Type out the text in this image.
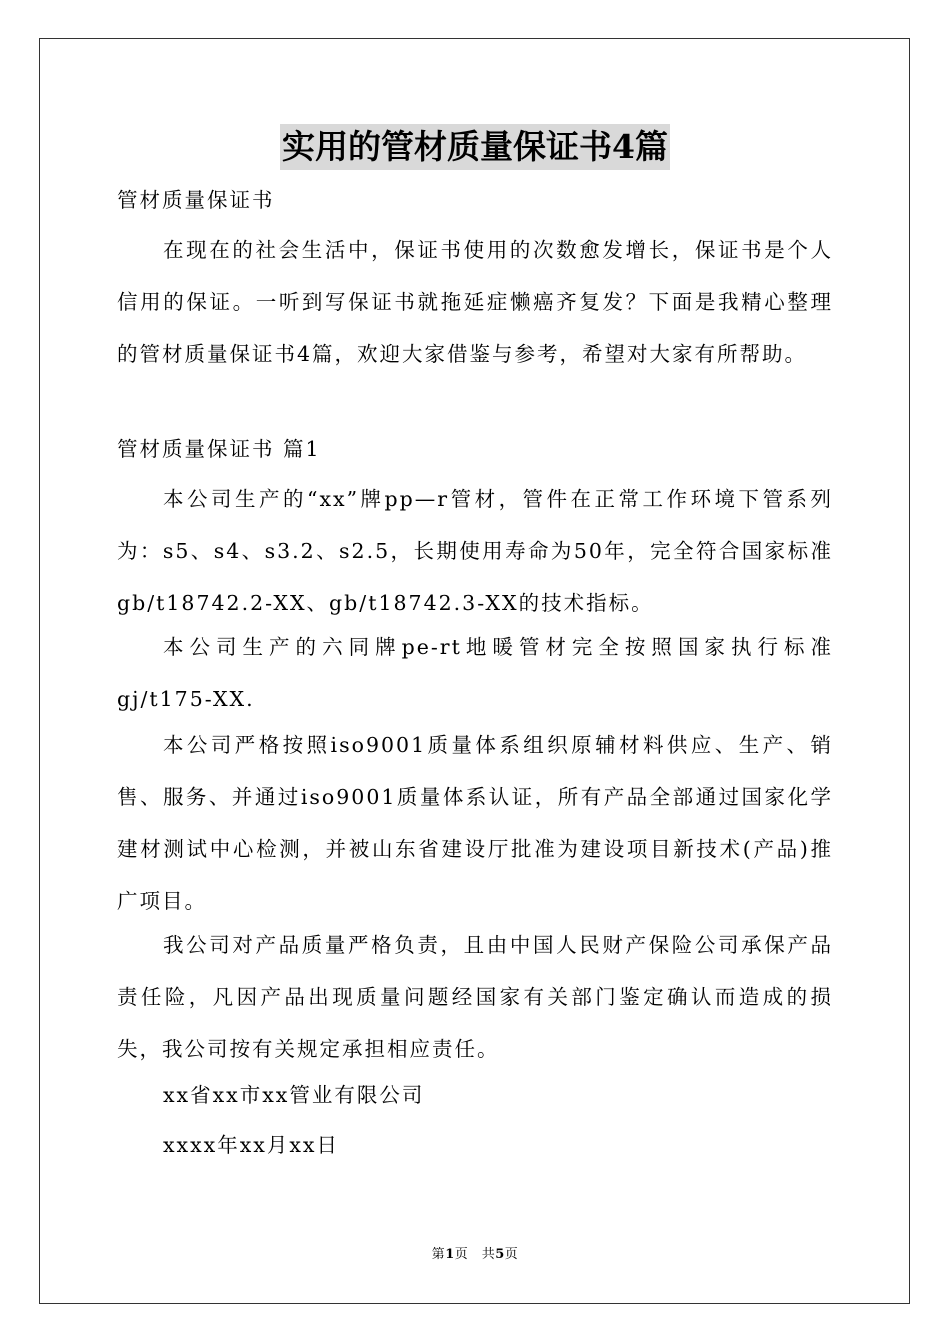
实用的管材质量保证书4篇

管材质量保证书

在现在的社会生活中，保证书使用的次数愈发增长，保证书是个人信用的保证。一听到写保证书就拖延症懒癌齐复发？下面是我精心整理的管材质量保证书4篇，欢迎大家借鉴与参考，希望对大家有所帮助。

管材质量保证书 篇1

本公司生产的“xx”牌pp—r管材，管件在正常工作环境下管系列为：s5、s4、s3.2、s2.5，长期使用寿命为50年，完全符合国家标准gb/t18742.2-XX、gb/t18742.3-XX的技术指标。

本公司生产的六同牌pe-rt地暖管材完全按照国家执行标准gj/t175-XX.

本公司严格按照iso9001质量体系组织原辅材料供应、生产、销售、服务、并通过iso9001质量体系认证，所有产品全部通过国家化学建材测试中心检测，并被山东省建设厅批准为建设项目新技术(产品)推广项目。

我公司对产品质量严格负责，且由中国人民财产保险公司承保产品责任险，凡因产品出现质量问题经国家有关部门鉴定确认而造成的损失，我公司按有关规定承担相应责任。

xx省xx市xx管业有限公司

xxxx年xx月xx日

第1页　共5页
